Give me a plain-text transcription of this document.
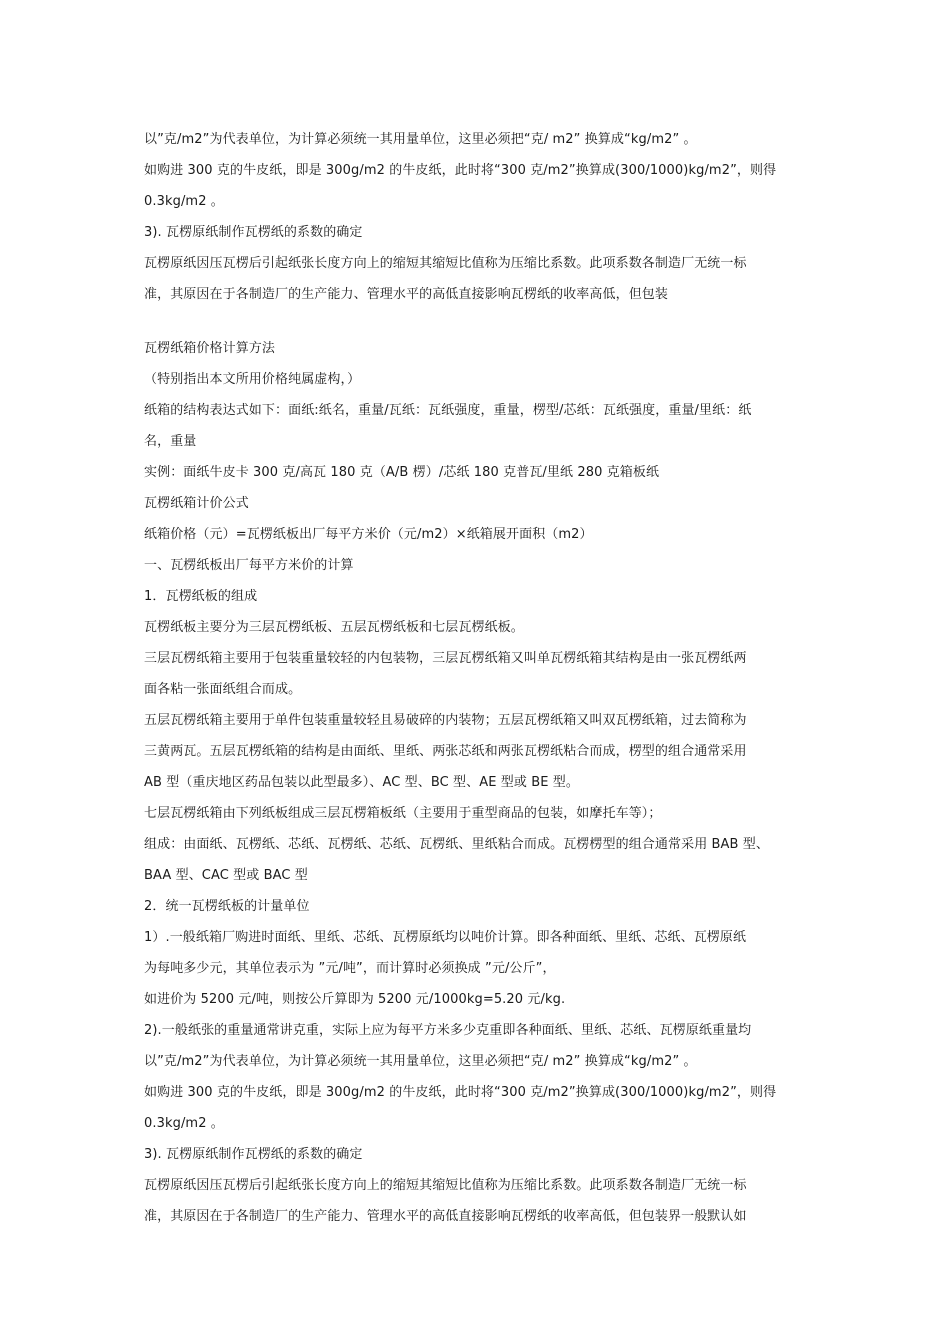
以”克/m2”为代表单位，为计算必须统一其用量单位，这里必须把“克/ m2” 换算成“kg/m2” 。
如购进 300 克的牛皮纸，即是 300g/m2 的牛皮纸，此时将“300 克/m2”换算成(300/1000)kg/m2”，则得
0.3kg/m2 。
3). 瓦楞原纸制作瓦楞纸的系数的确定
瓦楞原纸因压瓦楞后引起纸张长度方向上的缩短其缩短比值称为压缩比系数。此项系数各制造厂无统一标
准，其原因在于各制造厂的生产能力、管理水平的高低直接影响瓦楞纸的收率高低，但包装
瓦楞纸箱价格计算方法
（特别指出本文所用价格纯属虚构，）
纸箱的结构表达式如下：面纸:纸名，重量/瓦纸：瓦纸强度，重量，楞型/芯纸：瓦纸强度，重量/里纸：纸
名，重量
实例：面纸牛皮卡 300 克/高瓦 180 克（A/B 楞）/芯纸 180 克普瓦/里纸 280 克箱板纸
瓦楞纸箱计价公式
纸箱价格（元）=瓦楞纸板出厂每平方米价（元/m2）×纸箱展开面积（m2）
一、瓦楞纸板出厂每平方米价的计算
1．瓦楞纸板的组成
瓦楞纸板主要分为三层瓦楞纸板、五层瓦楞纸板和七层瓦楞纸板。
三层瓦楞纸箱主要用于包装重量较轻的内包装物，三层瓦楞纸箱又叫单瓦楞纸箱其结构是由一张瓦楞纸两
面各粘一张面纸组合而成。
五层瓦楞纸箱主要用于单件包装重量较轻且易破碎的内装物；五层瓦楞纸箱又叫双瓦楞纸箱，过去简称为
三黄两瓦。五层瓦楞纸箱的结构是由面纸、里纸、两张芯纸和两张瓦楞纸粘合而成，楞型的组合通常采用
AB 型（重庆地区药品包装以此型最多）、AC 型、BC 型、AE 型或 BE 型。
七层瓦楞纸箱由下列纸板组成三层瓦楞箱板纸（主要用于重型商品的包装，如摩托车等）；
组成：由面纸、瓦楞纸、芯纸、瓦楞纸、芯纸、瓦楞纸、里纸粘合而成。瓦楞楞型的组合通常采用 BAB 型、
BAA 型、CAC 型或 BAC 型
2．统一瓦楞纸板的计量单位
1）.一般纸箱厂购进时面纸、里纸、芯纸、瓦楞原纸均以吨价计算。即各种面纸、里纸、芯纸、瓦楞原纸
为每吨多少元，其单位表示为 ”元/吨”，而计算时必须换成 ”元/公斤”，
如进价为 5200 元/吨，则按公斤算即为 5200 元/1000kg=5.20 元/kg.
2).一般纸张的重量通常讲克重，实际上应为每平方米多少克重即各种面纸、里纸、芯纸、瓦楞原纸重量均
以”克/m2”为代表单位，为计算必须统一其用量单位，这里必须把“克/ m2” 换算成“kg/m2” 。
如购进 300 克的牛皮纸，即是 300g/m2 的牛皮纸，此时将“300 克/m2”换算成(300/1000)kg/m2”，则得
0.3kg/m2 。
3). 瓦楞原纸制作瓦楞纸的系数的确定
瓦楞原纸因压瓦楞后引起纸张长度方向上的缩短其缩短比值称为压缩比系数。此项系数各制造厂无统一标
准，其原因在于各制造厂的生产能力、管理水平的高低直接影响瓦楞纸的收率高低，但包装界一般默认如
